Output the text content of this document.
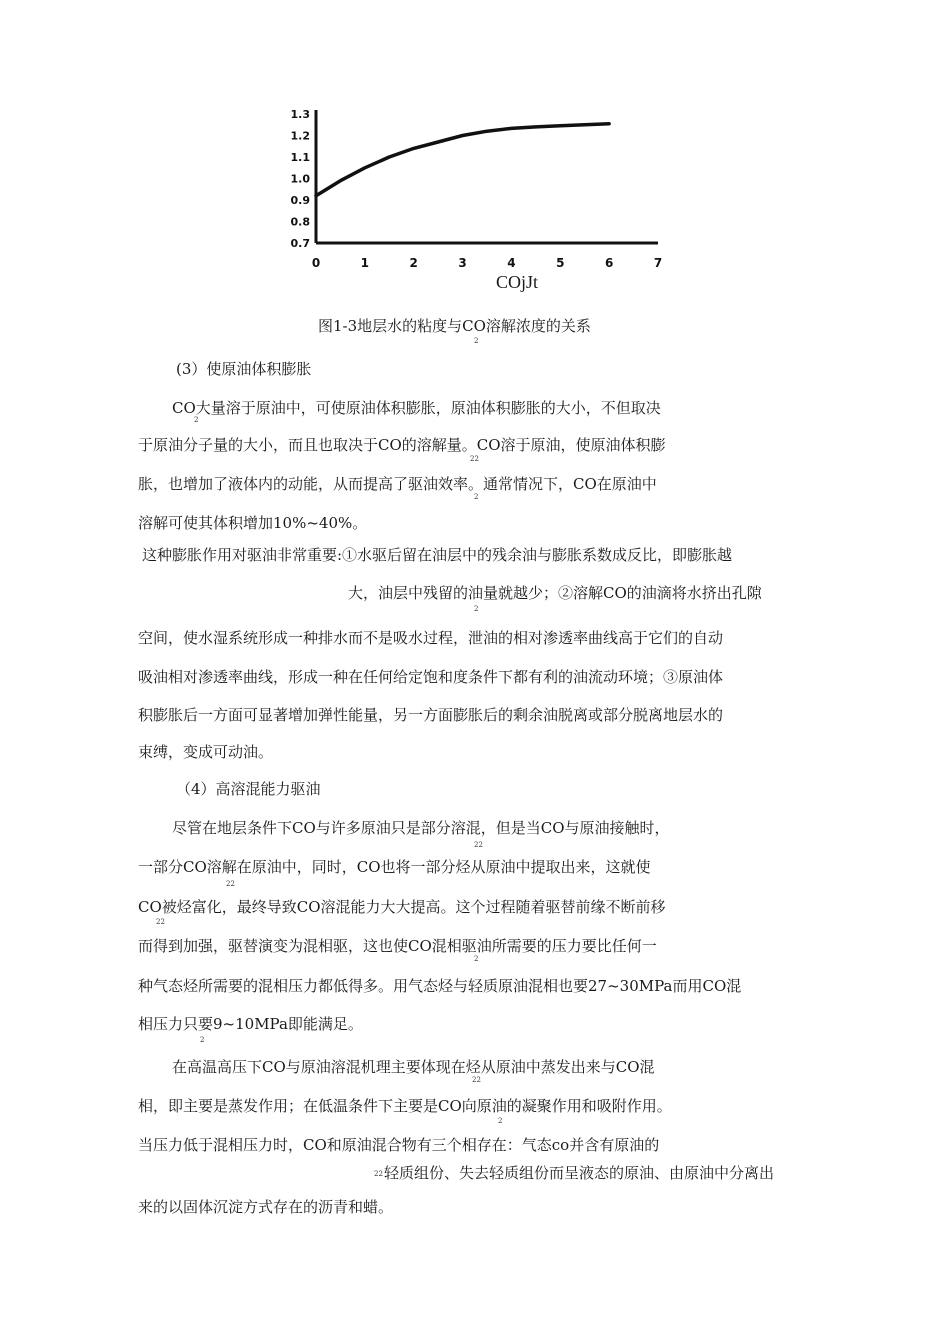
0	1	2	3	4	5	6	7
0.7
0.8
0.9
1.0
1.1
1.2
1.3
COjJt
图1-3地层水的粘度与CO溶解浓度的关系
2
(3）使原油体积膨胀
CO大量溶于原油中，可使原油体积膨胀，原油体积膨胀的大小，不但取决
2
于原油分子量的大小，而且也取决于CO的溶解量。CO溶于原油，使原油体积膨
22
胀，也增加了液体内的动能，从而提高了驱油效率。通常情况下，CO在原油中
2
溶解可使其体积增加10%~40%。
这种膨胀作用对驱油非常重要:①水驱后留在油层中的残余油与膨胀系数成反比，即膨胀越
大，油层中残留的油量就越少；②溶解CO的油滴将水挤出孔隙
2
空间，使水湿系统形成一种排水而不是吸水过程，泄油的相对渗透率曲线高于它们的自动
吸油相对渗透率曲线，形成一种在任何给定饱和度条件下都有利的油流动环境；③原油体
积膨胀后一方面可显著增加弹性能量，另一方面膨胀后的剩余油脱离或部分脱离地层水的
束缚，变成可动油。
（4）高溶混能力驱油
尽管在地层条件下CO与许多原油只是部分溶混，但是当CO与原油接触时，
22
一部分CO溶解在原油中，同时，CO也将一部分烃从原油中提取出来，这就使
22
CO被烃富化，最终导致CO溶混能力大大提高。这个过程随着驱替前缘不断前移
22
而得到加强，驱替演变为混相驱，这也使CO混相驱油所需要的压力要比任何一
2
种气态烃所需要的混相压力都低得多。用气态烃与轻质原油混相也要27~30MPa而用CO混
相压力只要9~10MPa即能满足。
2
在高温高压下CO与原油溶混机理主要体现在烃从原油中蒸发出来与CO混
22
相，即主要是蒸发作用；在低温条件下主要是CO向原油的凝聚作用和吸附作用。
2
当压力低于混相压力时，CO和原油混合物有三个相存在：气态co并含有原油的
22 轻质组份、失去轻质组份而呈液态的原油、由原油中分离出
来的以固体沉淀方式存在的沥青和蜡。
